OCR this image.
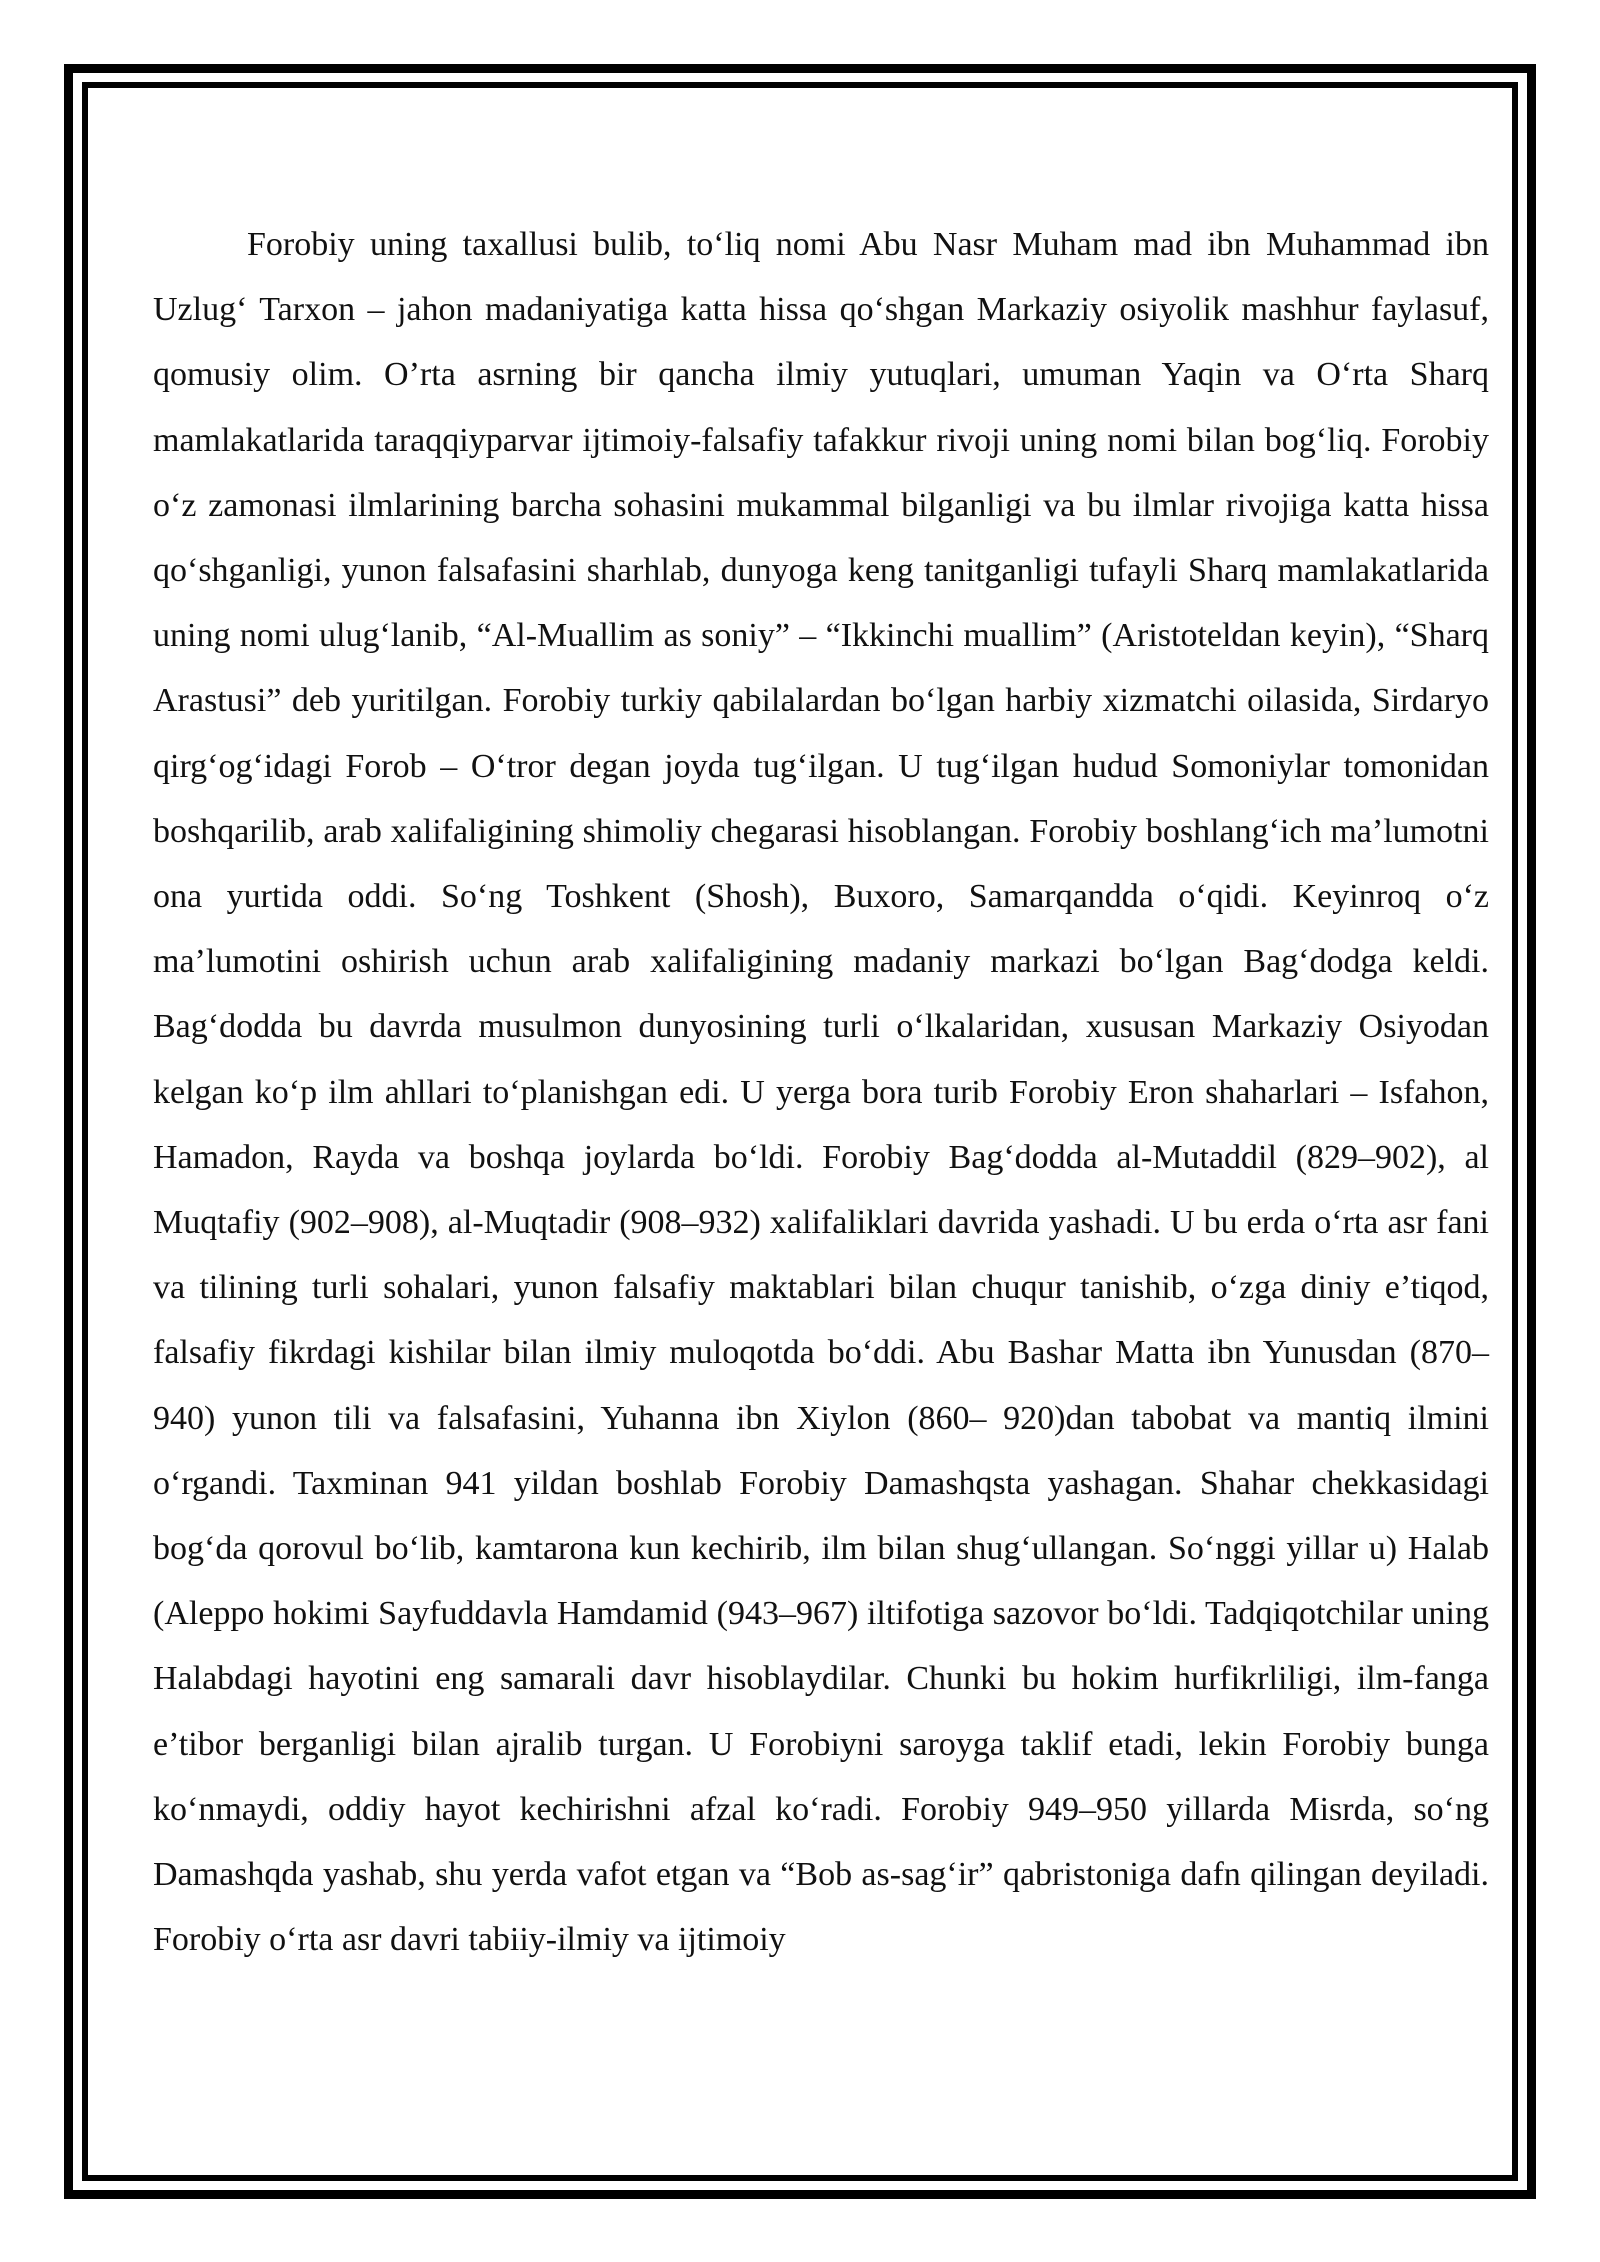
Forobiy uning taxallusi bulib, to‘liq nomi Abu Nasr Muham mad ibn Muhammad ibn Uzlug‘ Tarxon – jahon madaniyatiga katta hissa qo‘shgan Markaziy osiyolik mashhur faylasuf, qomusiy olim. O’rta asrning bir qancha ilmiy yutuqlari, umuman Yaqin va O‘rta Sharq mamlakatlarida taraqqiyparvar ijtimoiy-falsafiy tafakkur rivoji uning nomi bilan bog‘liq. Forobiy o‘z zamonasi ilmlarining barcha sohasini mukammal bilganligi va bu ilmlar rivojiga katta hissa qo‘shganligi, yunon falsafasini sharhlab, dunyoga keng tanitganligi tufayli Sharq mamlakatlarida uning nomi ulug‘lanib, “Al-Muallim as soniy” – “Ikkinchi muallim” (Aristoteldan keyin), “Sharq Arastusi” deb yuritilgan. Forobiy turkiy qabilalardan bo‘lgan harbiy xizmatchi oilasida, Sirdaryo qirg‘og‘idagi Forob – O‘tror degan joyda tug‘ilgan. U tug‘ilgan hudud Somoniylar tomonidan boshqarilib, arab xalifaligining shimoliy chegarasi hisoblangan. Forobiy boshlang‘ich ma’lumotni ona yurtida oddi. So‘ng Toshkent (Shosh), Buxoro, Samarqandda o‘qidi. Keyinroq o‘z ma’lumotini oshirish uchun arab xalifaligining madaniy markazi bo‘lgan Bag‘dodga keldi. Bag‘dodda bu davrda musulmon dunyosining turli o‘lkalaridan, xususan Markaziy Osiyodan kelgan ko‘p ilm ahllari to‘planishgan edi. U yerga bora turib Forobiy Eron shaharlari – Isfahon, Hamadon, Rayda va boshqa joylarda bo‘ldi. Forobiy Bag‘dodda al-Mutaddil (829–902), al Muqtafiy (902–908), al-Muqtadir (908–932) xalifaliklari davrida yashadi. U bu erda o‘rta asr fani va tilining turli sohalari, yunon falsafiy maktablari bilan chuqur tanishib, o‘zga diniy e’tiqod, falsafiy fikrdagi kishilar bilan ilmiy muloqotda bo‘ddi. Abu Bashar Matta ibn Yunusdan (870–940) yunon tili va falsafasini, Yuhanna ibn Xiylon (860– 920)dan tabobat va mantiq ilmini o‘rgandi. Taxminan 941 yildan boshlab Forobiy Damashqsta yashagan. Shahar chekkasidagi bog‘da qorovul bo‘lib, kamtarona kun kechirib, ilm bilan shug‘ullangan. So‘nggi yillar u) Halab (Aleppo hokimi Sayfuddavla Hamdamid (943–967) iltifotiga sazovor bo‘ldi. Tadqiqotchilar uning Halabdagi hayotini eng samarali davr hisoblaydilar. Chunki bu hokim hurfikrliligi, ilm-fanga e’tibor berganligi bilan ajralib turgan. U Forobiyni saroyga taklif etadi, lekin Forobiy bunga ko‘nmaydi, oddiy hayot kechirishni afzal ko‘radi. Forobiy 949–950 yillarda Misrda, so‘ng Damashqda yashab, shu yerda vafot etgan va “Bob as-sag‘ir” qabristoniga dafn qilingan deyiladi. Forobiy o‘rta asr davri tabiiy-ilmiy va ijtimoiy
